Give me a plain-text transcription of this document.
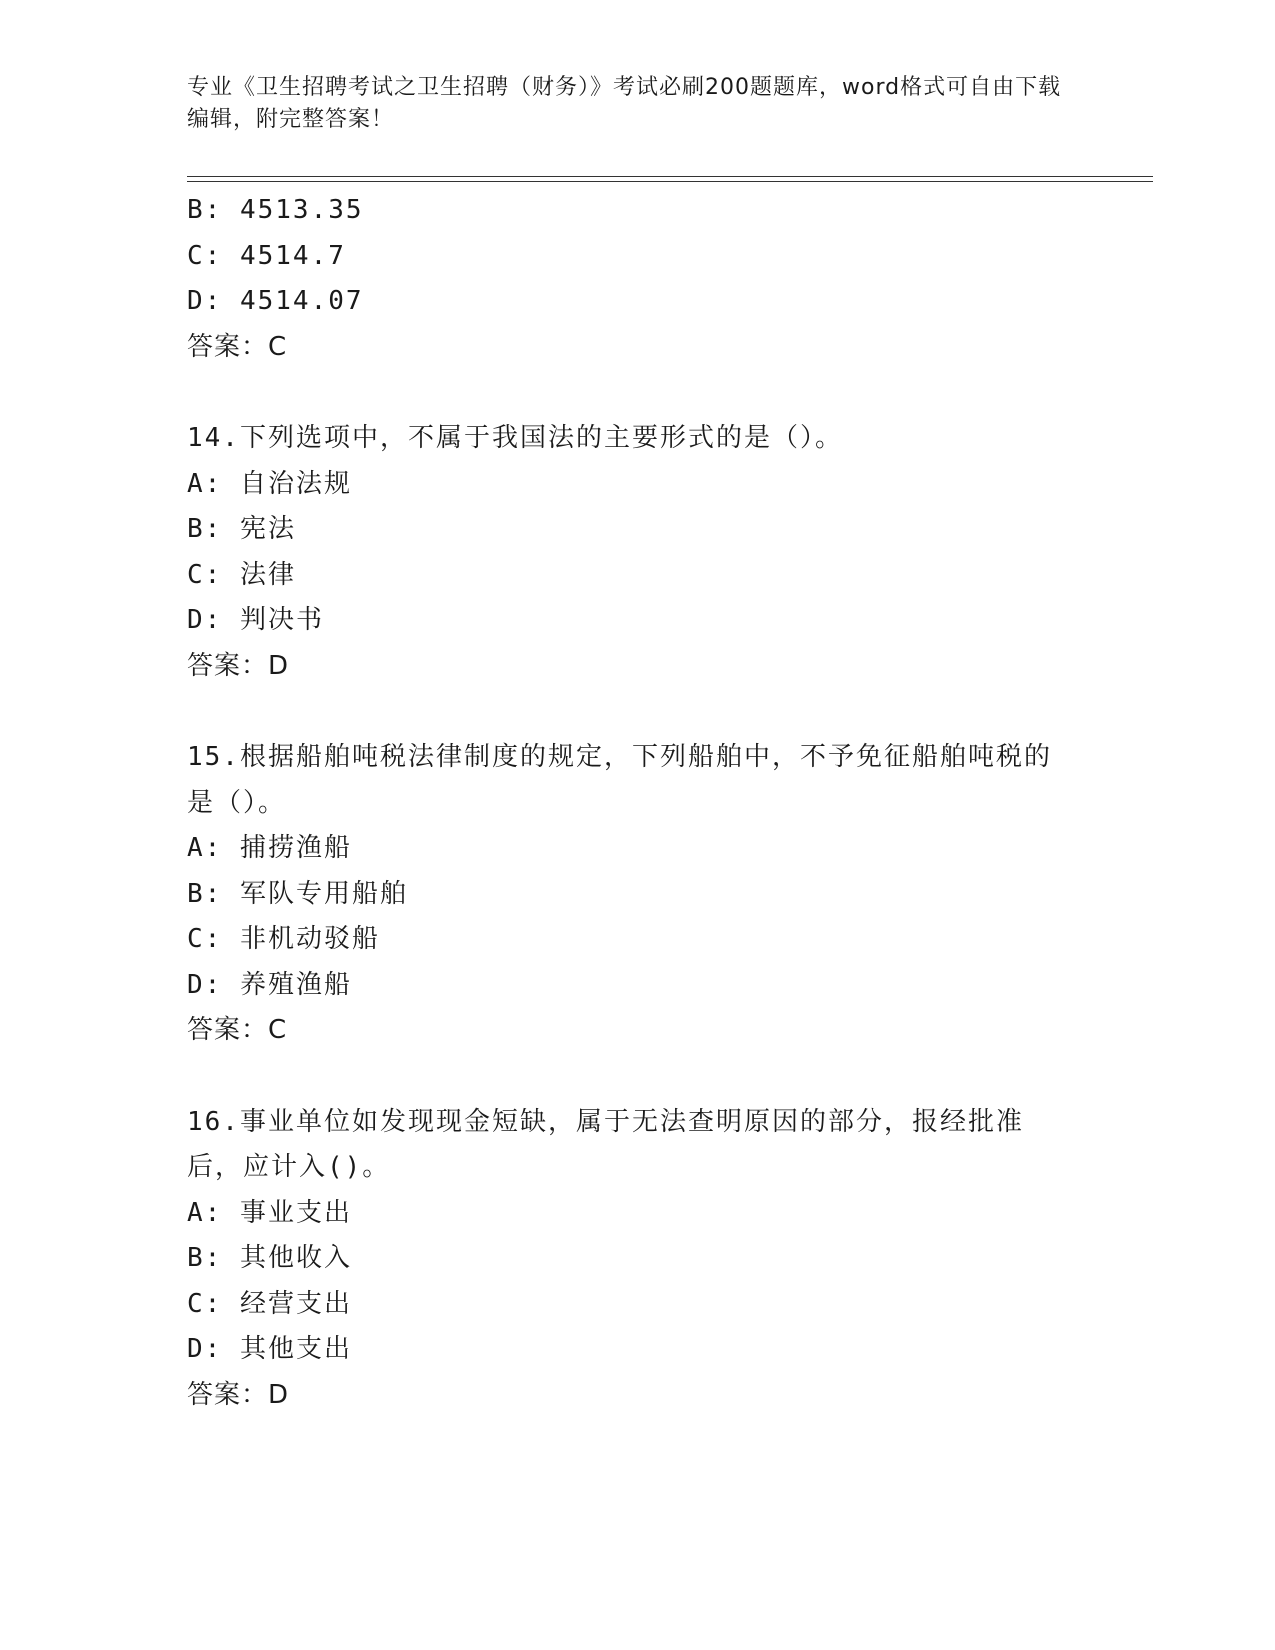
专业《卫生招聘考试之卫生招聘（财务）》考试必刷200题题库，word格式可自由下载编辑，附完整答案！
B: 4513.35
C: 4514.7
D: 4514.07
答案：C
14.下列选项中，不属于我国法的主要形式的是（）。
A: 自治法规
B: 宪法
C: 法律
D: 判决书
答案：D
15.根据船舶吨税法律制度的规定，下列船舶中，不予免征船舶吨税的是（）。
A: 捕捞渔船
B: 军队专用船舶
C: 非机动驳船
D: 养殖渔船
答案：C
16.事业单位如发现现金短缺，属于无法查明原因的部分，报经批准后，应计入()。
A: 事业支出
B: 其他收入
C: 经营支出
D: 其他支出
答案：D
